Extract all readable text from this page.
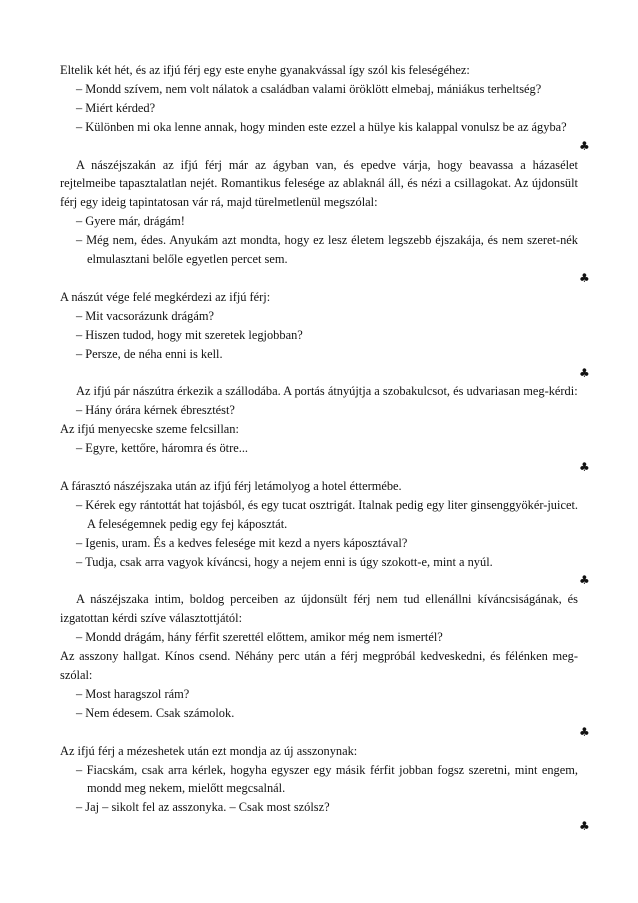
Eltelik két hét, és az ifjú férj egy este enyhe gyanakvással így szól kis feleségéhez:
– Mondd szívem, nem volt nálatok a családban valami öröklött elmebaj, mániákus terheltség?
– Miért kérded?
– Különben mi oka lenne annak, hogy minden este ezzel a hülye kis kalappal vonulsz be az ágyba?
♣
A nászéjszakán az ifjú férj már az ágyban van, és epedve várja, hogy beavassa a házasélet rejtelmeibe tapasztalatlan nejét. Romantikus felesége az ablaknál áll, és nézi a csillagokat. Az újdonsült férj egy ideig tapintatosan vár rá, majd türelmetlenül megszólal:
– Gyere már, drágám!
– Még nem, édes. Anyukám azt mondta, hogy ez lesz életem legszebb éjszakája, és nem szeret-nék elmulasztani belőle egyetlen percet sem.
♣
A nászút vége felé megkérdezi az ifjú férj:
– Mit vacsorázunk drágám?
– Hiszen tudod, hogy mit szeretek legjobban?
– Persze, de néha enni is kell.
♣
Az ifjú pár nászútra érkezik a szállodába. A portás átnyújtja a szobakulcsot, és udvariasan meg-kérdi:
– Hány órára kérnek ébresztést?
Az ifjú menyecske szeme felcsillan:
– Egyre, kettőre, háromra és ötre...
♣
A fárasztó nászéjszaka után az ifjú férj letámolyog a hotel éttermébe.
– Kérek egy rántottát hat tojásból, és egy tucat osztrigát. Italnak pedig egy liter ginsenggyökér-juicet. A feleségemnek pedig egy fej káposztát.
– Igenis, uram. És a kedves felesége mit kezd a nyers káposztával?
– Tudja, csak arra vagyok kíváncsi, hogy a nejem enni is úgy szokott-e, mint a nyúl.
♣
A nászéjszaka intim, boldog perceiben az újdonsült férj nem tud ellenállni kíváncsiságának, és izgatottan kérdi szíve választottjától:
– Mondd drágám, hány férfit szerettél előttem, amikor még nem ismertél?
Az asszony hallgat. Kínos csend. Néhány perc után a férj megpróbál kedveskedni, és félénken meg-szólal:
– Most haragszol rám?
– Nem édesem. Csak számolok.
♣
Az ifjú férj a mézeshetek után ezt mondja az új asszonynak:
– Fiacskám, csak arra kérlek, hogyha egyszer egy másik férfit jobban fogsz szeretni, mint engem, mondd meg nekem, mielőtt megcsalnál.
– Jaj – sikolt fel az asszonyka. – Csak most szólsz?
♣
